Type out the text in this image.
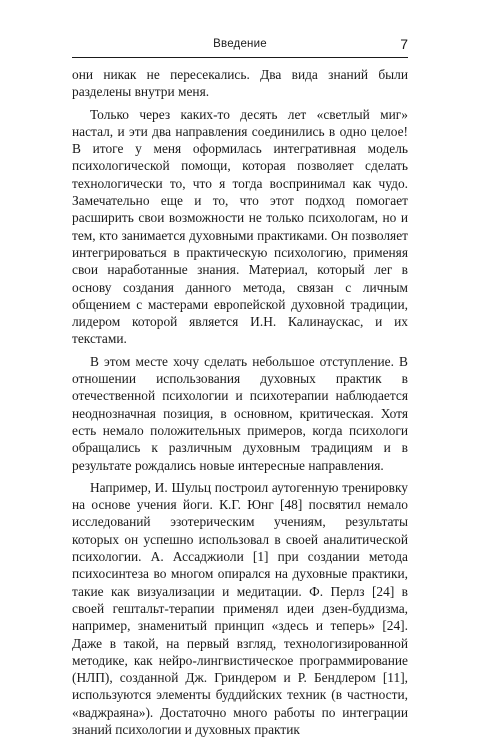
Введение	7

они никак не пересекались. Два вида знаний были разделены внутри меня.

Только через каких-то десять лет «светлый миг» настал, и эти два направления соединились в одно целое! В итоге у меня оформилась интегративная модель психологической помощи, которая позволяет сделать технологически то, что я тогда воспринимал как чудо. Замечательно еще и то, что этот подход помогает расширить свои возможности не только психологам, но и тем, кто занимается духовными практиками. Он позволяет интегрироваться в практическую психологию, применяя свои наработанные знания. Материал, который лег в основу создания данного метода, связан с личным общением с мастерами европейской духовной традиции, лидером которой является И.Н. Калинаускас, и их текстами.

В этом месте хочу сделать небольшое отступление. В отношении использования духовных практик в отечественной психологии и психотерапии наблюдается неоднозначная позиция, в основном, критическая. Хотя есть немало положительных примеров, когда психологи обращались к различным духовным традициям и в результате рождались новые интересные направления.

Например, И. Шульц построил аутогенную тренировку на основе учения йоги. К.Г. Юнг [48] посвятил немало исследований эзотерическим учениям, результаты которых он успешно использовал в своей аналитической психологии. А. Ассаджиоли [1] при создании метода психосинтеза во многом опирался на духовные практики, такие как визуализации и медитации. Ф. Перлз [24] в своей гештальт-терапии применял идеи дзен-буддизма, например, знаменитый принцип «здесь и теперь» [24]. Даже в такой, на первый взгляд, технологизированной методике, как нейро-лингвистическое программирование (НЛП), созданной Дж. Гриндером и Р. Бендлером [11], используются элементы буддийских техник (в частности, «ваджраяна»). Достаточно много работы по интеграции знаний психологии и духовных практик
